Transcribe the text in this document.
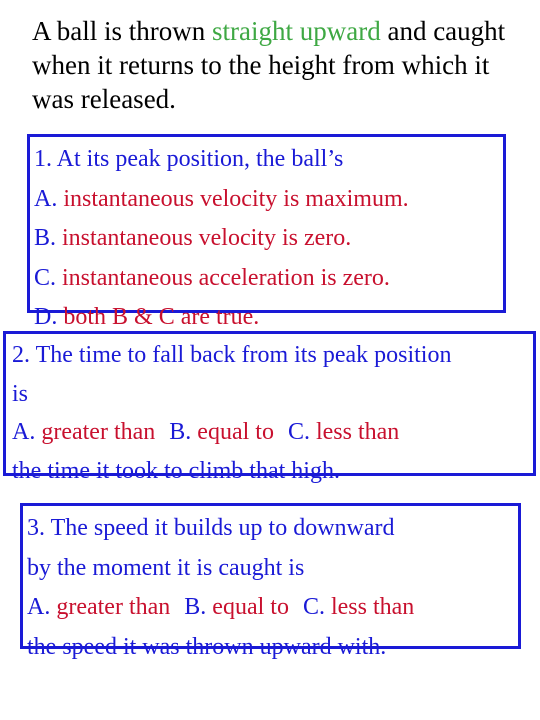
A ball is thrown straight upward and caught when it returns to the height from which it was released.

1. At its peak position, the ball’s
A. instantaneous velocity is maximum.
B. instantaneous velocity is zero.
C. instantaneous acceleration is zero.
D. both B & C are true.
2. The time to fall back from its peak position
is
A. greater than B. equal to C. less than
the time it took to climb that high.
3. The speed it builds up to downward
by the moment it is caught is
A. greater than B. equal to C. less than
the speed it was thrown upward with.
